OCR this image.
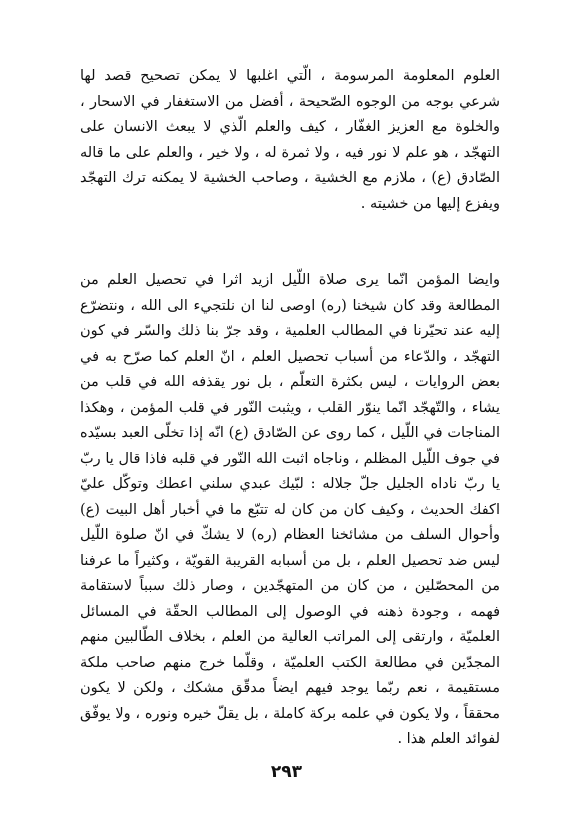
العلوم المعلومة المرسومة ، الّتي اغلبها لا يمكن تصحيح قصد لها شرعي بوجه من الوجوه الصّحيحة ، أفضل من الاستغفار في الاسحار ، والخلوة مع العزيز الغفّار ، كيف والعلم الّذي لا يبعث الانسان على التهجّد ، هو علم لا نور فيه ، ولا ثمرة له ، ولا خير ، والعلم على ما قاله الصّادق (ع) ، ملازم مع الخشية ، وصاحب الخشية لا يمكنه ترك التهجّد ويفزع إليها من خشيته .

وايضا المؤمن انّما يرى صلاة اللّيل ازيد اثرا في تحصيل العلم من المطالعة وقد كان شيخنا (ره) اوصى لنا ان نلتجيء الى الله ، ونتضرّع إليه عند تحيّرنا في المطالب العلمية ، وقد جرّ بنا ذلك والسّر في كون التهجّد ، والدّعاء من أسباب تحصيل العلم ، انّ العلم كما صرّح به في بعض الروايات ، ليس بكثرة التعلّم ، بل نور يقذفه الله في قلب من يشاء ، والتّهجّد انّما ينوّر القلب ، ويثبت النّور في قلب المؤمن ، وهكذا المناجات في اللّيل ، كما روى عن الصّادق (ع) انّه إذا تخلّى العبد بسيّده في جوف اللّيل المظلم ، وناجاه اثبت الله النّور في قلبه فاذا قال يا ربّ يا ربّ ناداه الجليل جلّ جلاله : لبّيك عبدي سلني اعطك وتوكّل عليّ اكفك الحديث ، وكيف كان من كان له تتبّع ما في أخبار أهل البيت (ع) وأحوال السلف من مشائخنا العظام (ره) لا يشكّ في انّ صلوة اللّيل ليس ضد تحصيل العلم ، بل من أسبابه القريبة القويّة ، وكثيراً ما عرفنا من المحصّلين ، من كان من المتهجّدين ، وصار ذلك سبباً لاستقامة فهمه ، وجودة ذهنه في الوصول إلى المطالب الحقّة في المسائل العلميّة ، وارتقى إلى المراتب العالية من العلم ، بخلاف الطّالبين منهم المجدّين في مطالعة الكتب العلميّة ، وقلّما خرج منهم صاحب ملكة مستقيمة ، نعم ربّما يوجد فيهم ايضاً مدقّق مشكك ، ولكن لا يكون محققاً ، ولا يكون في علمه بركة كاملة ، بل يقلّ خيره ونوره ، ولا يوفّق لفوائد العلم هذا .

٢٩٣
